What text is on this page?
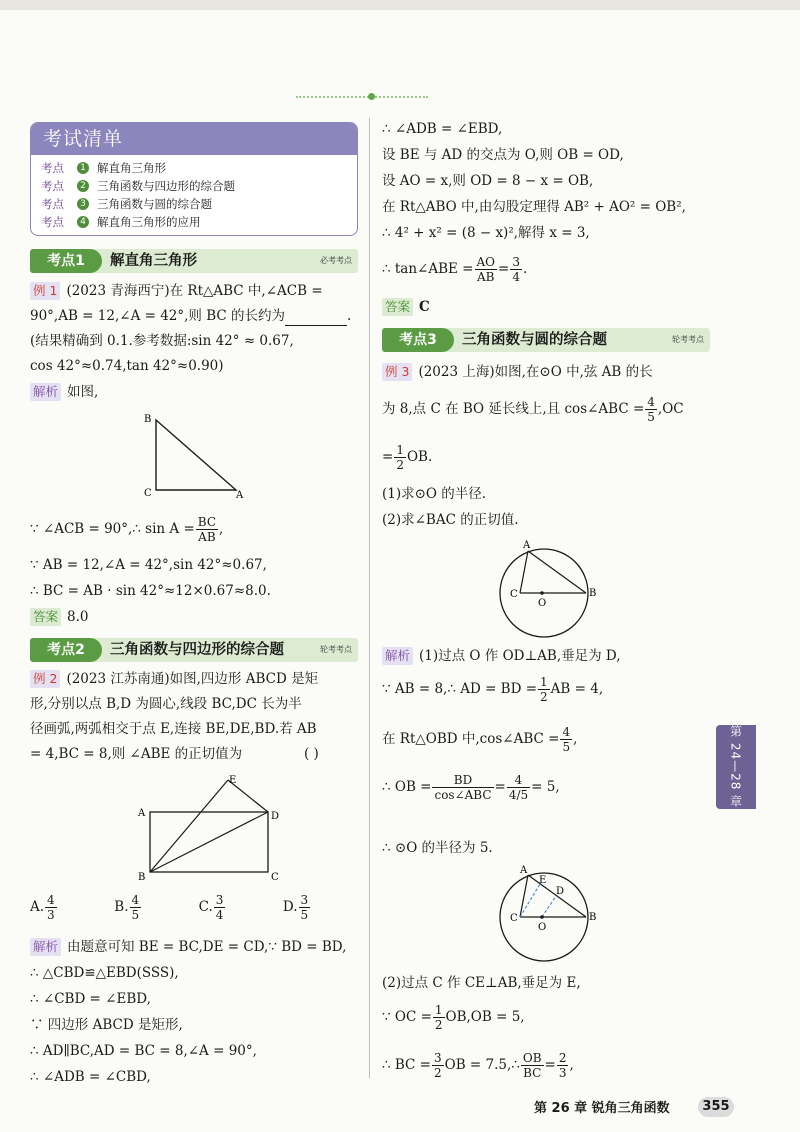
考试清单
考点	1 解直角三角形
考点	2 三角函数与四边形的综合题
考点	3 三角函数与圆的综合题
考点	4 解直角三角形的应用
考点1	解直角三角形	必考考点
例 1 (2023 青海西宁)在 Rt△ABC 中,∠ACB =
90°,AB = 12,∠A = 42°,则 BC 的长约为	.
(结果精确到 0.1.参考数据:sin 42° ≈ 0.67,
cos 42°≈0.74,tan 42°≈0.90)
解析 如图,
B
C	A
∵ ∠ACB = 90°,∴ $\sin A = \frac{BC}{AB}$ ,
∵ AB = 12,∠A = 42°,sin 42°≈0.67,
∴ BC = AB · sin 42°≈12×0.67≈8.0.
答案 8.0
考点2	三角函数与四边形的综合题	轮考考点
例 2 (2023 江苏南通)如图,四边形 ABCD 是矩
形,分别以点 B,D 为圆心,线段 BC,DC 长为半
径画弧,两弧相交于点 E,连接 BE,DE,BD.若 AB
= 4,BC = 8,则 ∠ABE 的正切值为	( )
E
A	D
B	C
A. $\frac{4}{3}$	B. $\frac{4}{5}$	C. $\frac{3}{4}$	D. $\frac{3}{5}$
解析 由题意可知 BE = BC,DE = CD,∵ BD = BD,
∴ △CBD≌△EBD(SSS),
∴ ∠CBD = ∠EBD,
∵ 四边形 ABCD 是矩形,
∴ AD∥BC,AD = BC = 8,∠A = 90°,
∴ ∠ADB = ∠CBD,
∴ ∠ADB = ∠EBD,
设 BE 与 AD 的交点为 O,则 OB = OD,
设 AO = x,则 OD = 8 − x = OB,
在 Rt△ABO 中,由勾股定理得 AB² + AO² = OB²,
∴ 4² + x² = (8 − x)²,解得 x = 3,
∴ tan∠ABE = $\frac{AO}{AB} = \frac{3}{4}$ .
答案 C
考点3	三角函数与圆的综合题	轮考考点
例 3 (2023 上海)如图,在⊙O 中,弦 AB 的长
为 8,点 C 在 BO 延长线上,且 cos∠ABC = $\frac{4}{5} ,OC$
= $\frac{1}{2}$ OB.
(1)求⊙O 的半径.
(2)求∠BAC 的正切值.
A
C
O
B
解析 (1)过点 O 作 OD⊥AB,垂足为 D,
∵ AB = 8,∴ AD = BD = $\frac{1}{2}$ AB = 4,
在 Rt△OBD 中,cos∠ABC = $\frac{4}{5}$ ,
∴ OB =	BD
cos∠ABC = $\frac{4}{4/5} = 5$,
∴ ⊙O 的半径为 5.
A
E
D
C
O
B
(2)过点 C 作 CE⊥AB,垂足为 E,
∵ OC = $\frac{1}{2} OB,OB = 5$,
∴ BC = $\frac{3}{2}$ OB = 7.5,∴ $\frac{OB}{BC} = \frac{2}{3}$ ,
第 24—28 章
第 26 章 锐角三角函数	355
